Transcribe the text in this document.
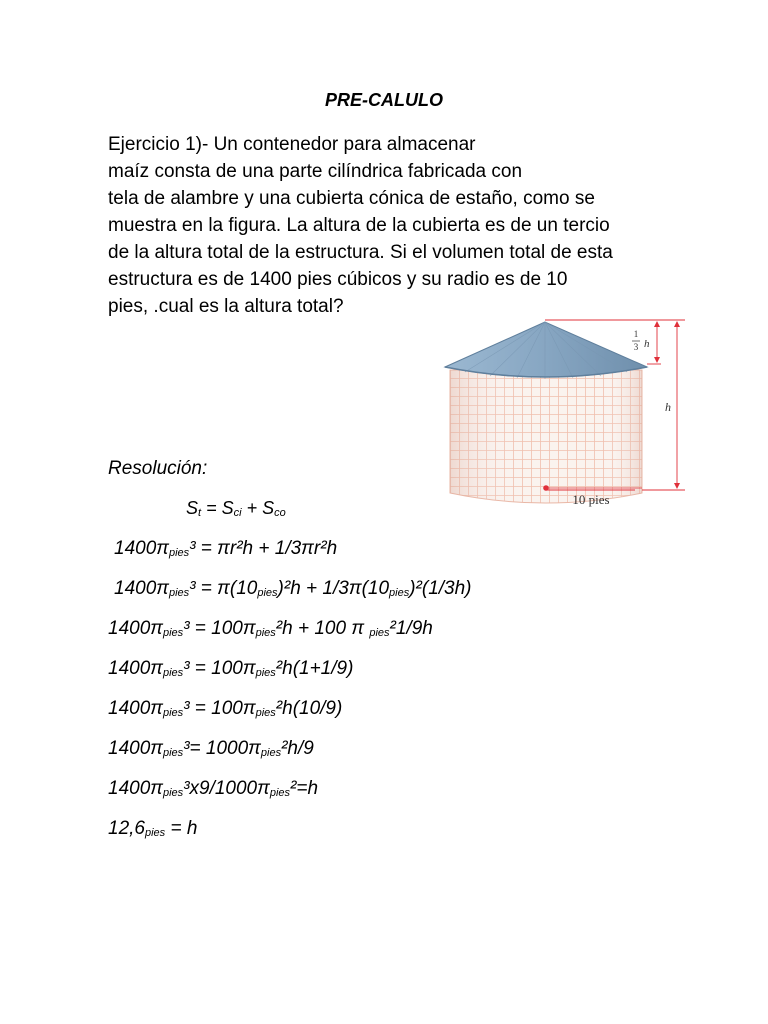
PRE-CALULO
Ejercicio 1)- Un contenedor para almacenar
maíz consta de una parte cilíndrica fabricada con
tela de alambre y una cubierta cónica de estaño, como se
muestra en la figura. La altura de la cubierta es de un tercio
de la altura total de la estructura. Si el volumen total de esta
estructura es de 1400 pies cúbicos y su radio es de 10
pies, .cual es la altura total?
1
3 h
h
10 pies
Resolución:
St = Sci + Sco
1400πpies³ = πr²h + 1/3πr²h
1400πpies³ = π(10pies)²h + 1/3π(10pies)²(1/3h)
1400πpies³ = 100πpies²h + 100 π pies²1/9h
1400πpies³ = 100πpies²h(1+1/9)
1400πpies³ = 100πpies²h(10/9)
1400πpies³= 1000πpies²h/9
1400πpies³x9/1000πpies²=h
12,6pies = h
